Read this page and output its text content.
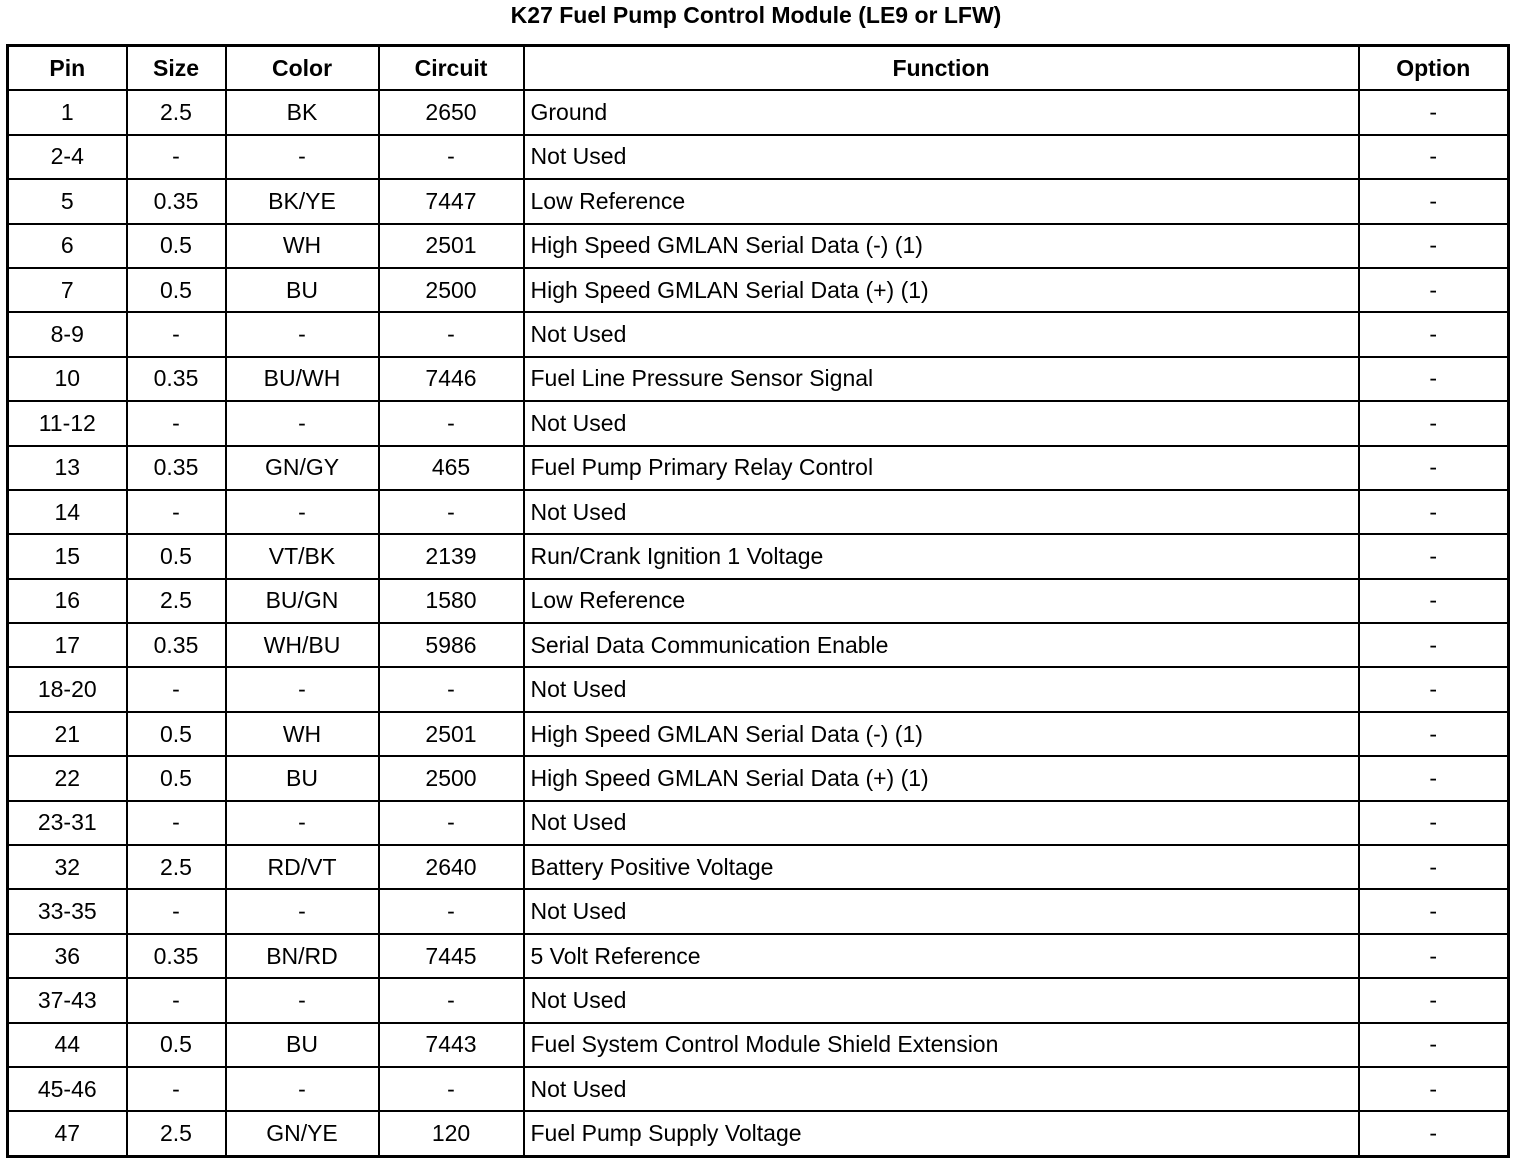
K27 Fuel Pump Control Module (LE9 or LFW)
Pin	Size	Color	Circuit	Function	Option
1	2.5	BK	2650	Ground	-
2-4	-	-	-	Not Used	-
5	0.35	BK/YE	7447	Low Reference	-
6	0.5	WH	2501	High Speed GMLAN Serial Data (-) (1)	-
7	0.5	BU	2500	High Speed GMLAN Serial Data (+) (1)	-
8-9	-	-	-	Not Used	-
10	0.35	BU/WH	7446	Fuel Line Pressure Sensor Signal	-
11-12	-	-	-	Not Used	-
13	0.35	GN/GY	465	Fuel Pump Primary Relay Control	-
14	-	-	-	Not Used	-
15	0.5	VT/BK	2139	Run/Crank Ignition 1 Voltage	-
16	2.5	BU/GN	1580	Low Reference	-
17	0.35	WH/BU	5986	Serial Data Communication Enable	-
18-20	-	-	-	Not Used	-
21	0.5	WH	2501	High Speed GMLAN Serial Data (-) (1)	-
22	0.5	BU	2500	High Speed GMLAN Serial Data (+) (1)	-
23-31	-	-	-	Not Used	-
32	2.5	RD/VT	2640	Battery Positive Voltage	-
33-35	-	-	-	Not Used	-
36	0.35	BN/RD	7445	5 Volt Reference	-
37-43	-	-	-	Not Used	-
44	0.5	BU	7443	Fuel System Control Module Shield Extension	-
45-46	-	-	-	Not Used	-
47	2.5	GN/YE	120	Fuel Pump Supply Voltage	-
